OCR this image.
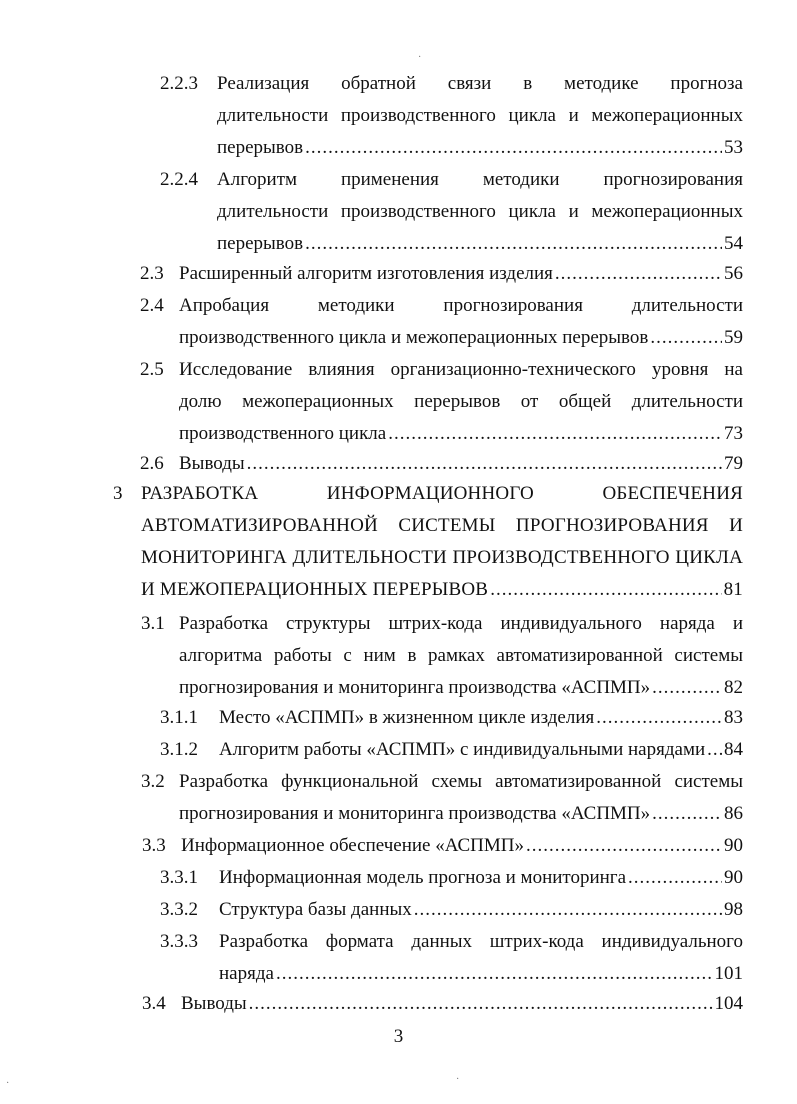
2.2.3 Реализация обратной связи в методике прогноза
длительности производственного цикла и межоперационных
перерывов .....	53
2.2.4 Алгоритм применения методики прогнозирования
длительности производственного цикла и межоперационных
перерывов .....	54
2.3 Расширенный алгоритм изготовления изделия .....	56
2.4 Апробация методики прогнозирования длительности
производственного цикла и межоперационных перерывов .....	59
2.5 Исследование влияния организационно-технического уровня на
долю межоперационных перерывов от общей длительности
производственного цикла .....	73
2.6 Выводы .....	79
3 РАЗРАБОТКА ИНФОРМАЦИОННОГО ОБЕСПЕЧЕНИЯ
АВТОМАТИЗИРОВАННОЙ СИСТЕМЫ ПРОГНОЗИРОВАНИЯ И
МОНИТОРИНГА ДЛИТЕЛЬНОСТИ ПРОИЗВОДСТВЕННОГО ЦИКЛА
И МЕЖОПЕРАЦИОННЫХ ПЕРЕРЫВОВ .....	81
3.1 Разработка структуры штрих-кода индивидуального наряда и
алгоритма работы с ним в рамках автоматизированной системы
прогнозирования и мониторинга производства «АСПМП» .....	82
3.1.1 Место «АСПМП» в жизненном цикле изделия .....	83
3.1.2 Алгоритм работы «АСПМП» с индивидуальными нарядами ..... 84
3.2 Разработка функциональной схемы автоматизированной системы
прогнозирования и мониторинга производства «АСПМП» .....	86
3.3 Информационное обеспечение «АСПМП» .....	90
3.3.1 Информационная модель прогноза и мониторинга .....	90
3.3.2 Структура базы данных .....	98
3.3.3 Разработка формата данных штрих-кода индивидуального
наряда .....	101
3.4 Выводы .....	104
3
·
·	·
